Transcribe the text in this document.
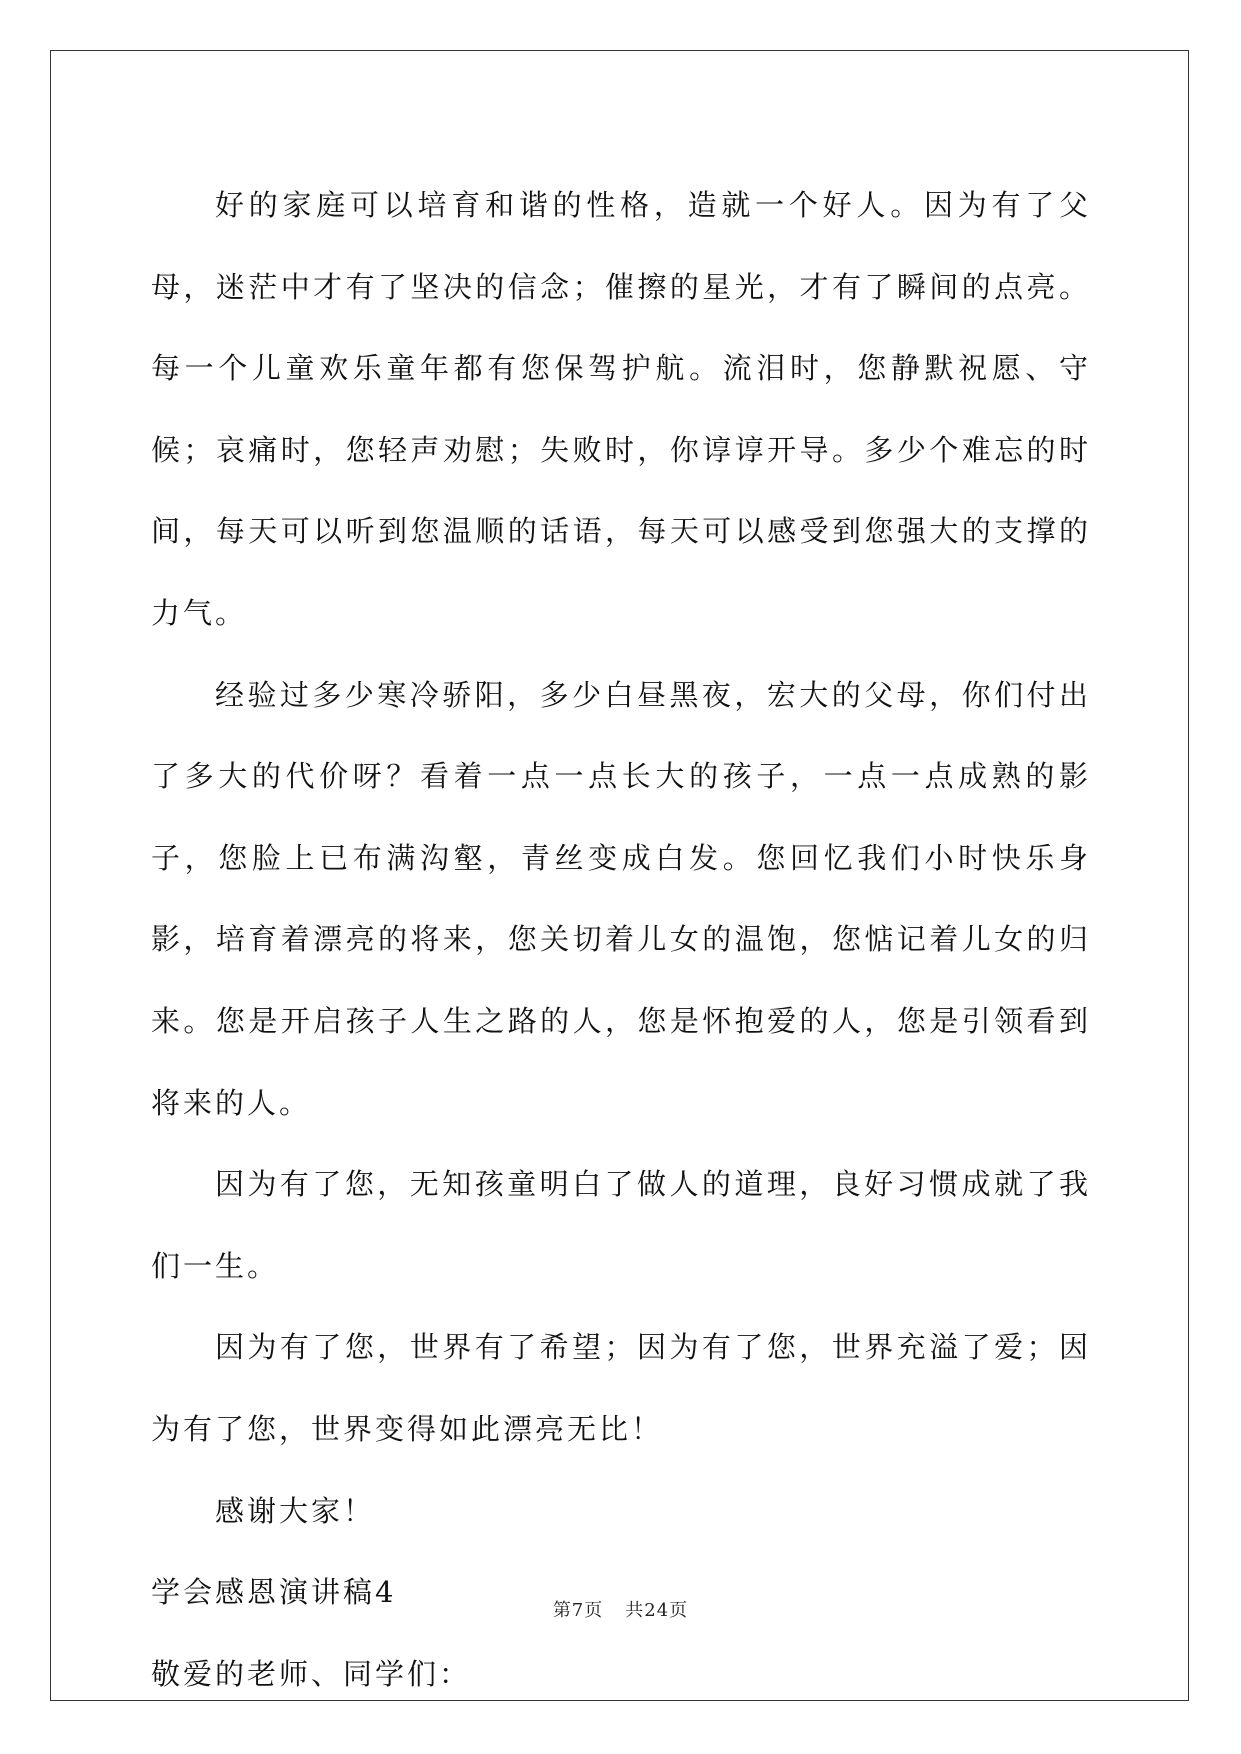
好的家庭可以培育和谐的性格，造就一个好人。因为有了父母，迷茫中才有了坚决的信念；催擦的星光，才有了瞬间的点亮。每一个儿童欢乐童年都有您保驾护航。流泪时，您静默祝愿、守候；哀痛时，您轻声劝慰；失败时，你谆谆开导。多少个难忘的时间，每天可以听到您温顺的话语，每天可以感受到您强大的支撑的力气。

经验过多少寒冷骄阳，多少白昼黑夜，宏大的父母，你们付出了多大的代价呀？看着一点一点长大的孩子，一点一点成熟的影子，您脸上已布满沟壑，青丝变成白发。您回忆我们小时快乐身影，培育着漂亮的将来，您关切着儿女的温饱，您惦记着儿女的归来。您是开启孩子人生之路的人，您是怀抱爱的人，您是引领看到将来的人。

因为有了您，无知孩童明白了做人的道理，良好习惯成就了我们一生。

因为有了您，世界有了希望；因为有了您，世界充溢了爱；因为有了您，世界变得如此漂亮无比！

感谢大家！

学会感恩演讲稿4

敬爱的老师、同学们：

第7页 共24页
